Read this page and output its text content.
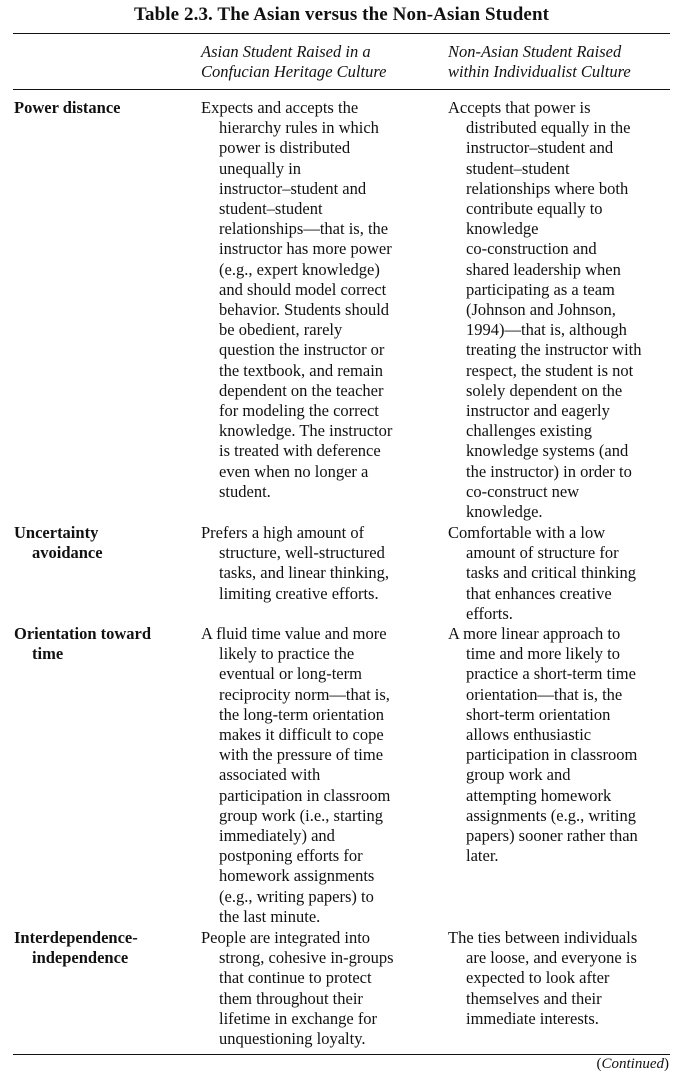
Table 2.3. The Asian versus the Non-Asian Student
Asian Student Raised in a
Confucian Heritage Culture
Non-Asian Student Raised
within Individualist Culture
Power distance	Expects and accepts the
hierarchy rules in which
power is distributed
unequally in
instructor–student and
student–student
relationships—that is, the
instructor has more power
(e.g., expert knowledge)
and should model correct
behavior. Students should
be obedient, rarely
question the instructor or
the textbook, and remain
dependent on the teacher
for modeling the correct
knowledge. The instructor
is treated with deference
even when no longer a
student.
Accepts that power is
distributed equally in the
instructor–student and
student–student
relationships where both
contribute equally to
knowledge
co-construction and
shared leadership when
participating as a team
(Johnson and Johnson,
1994)—that is, although
treating the instructor with
respect, the student is not
solely dependent on the
instructor and eagerly
challenges existing
knowledge systems (and
the instructor) in order to
co-construct new
knowledge.
Uncertainty
avoidance
Prefers a high amount of
structure, well-structured
tasks, and linear thinking,
limiting creative efforts.
Comfortable with a low
amount of structure for
tasks and critical thinking
that enhances creative
efforts.
Orientation toward
time
A fluid time value and more
likely to practice the
eventual or long-term
reciprocity norm—that is,
the long-term orientation
makes it difficult to cope
with the pressure of time
associated with
participation in classroom
group work (i.e., starting
immediately) and
postponing efforts for
homework assignments
(e.g., writing papers) to
the last minute.
A more linear approach to
time and more likely to
practice a short-term time
orientation—that is, the
short-term orientation
allows enthusiastic
participation in classroom
group work and
attempting homework
assignments (e.g., writing
papers) sooner rather than
later.
Interdependence-
independence
People are integrated into
strong, cohesive in-groups
that continue to protect
them throughout their
lifetime in exchange for
unquestioning loyalty.
The ties between individuals
are loose, and everyone is
expected to look after
themselves and their
immediate interests.
(Continued)
